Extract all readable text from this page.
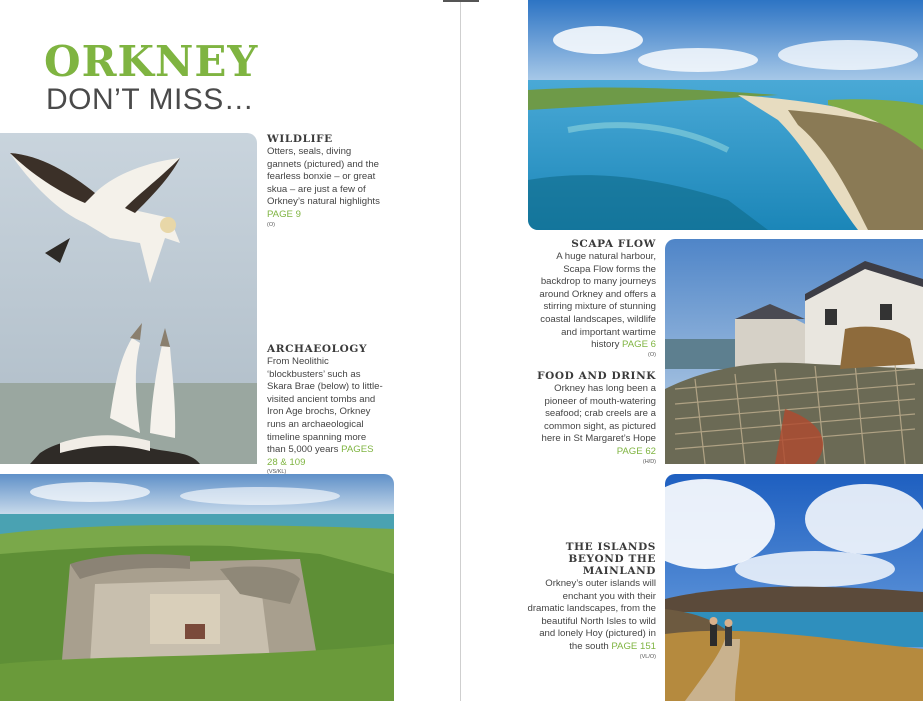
ORKNEY
DON’T MISS…
WILDLIFE

Otters, seals, diving gannets (pictured) and the fearless bonxie – or great skua – are just a few of Orkney’s natural highlights PAGE 9
(O)

ARCHAEOLOGY

From Neolithic ‘blockbusters’ such as Skara Brae (below) to little-visited ancient tombs and Iron Age brochs, Orkney runs an archaeological timeline spanning more than 5,000 years PAGES 28 & 109
(VS/KL)

SCAPA FLOW

A huge natural harbour, Scapa Flow forms the backdrop to many journeys around Orkney and offers a stirring mixture of stunning coastal landscapes, wildlife and important wartime history PAGE 6
(O)

FOOD AND DRINK

Orkney has long been a pioneer of mouth-watering seafood; crab creels are a common sight, as pictured here in St Margaret’s Hope PAGE 62
(H/D)

THE ISLANDS BEYOND THE MAINLAND

Orkney’s outer islands will enchant you with their dramatic landscapes, from the beautiful North Isles to wild and lonely Hoy (pictured) in the south PAGE 151
(VL/O)
